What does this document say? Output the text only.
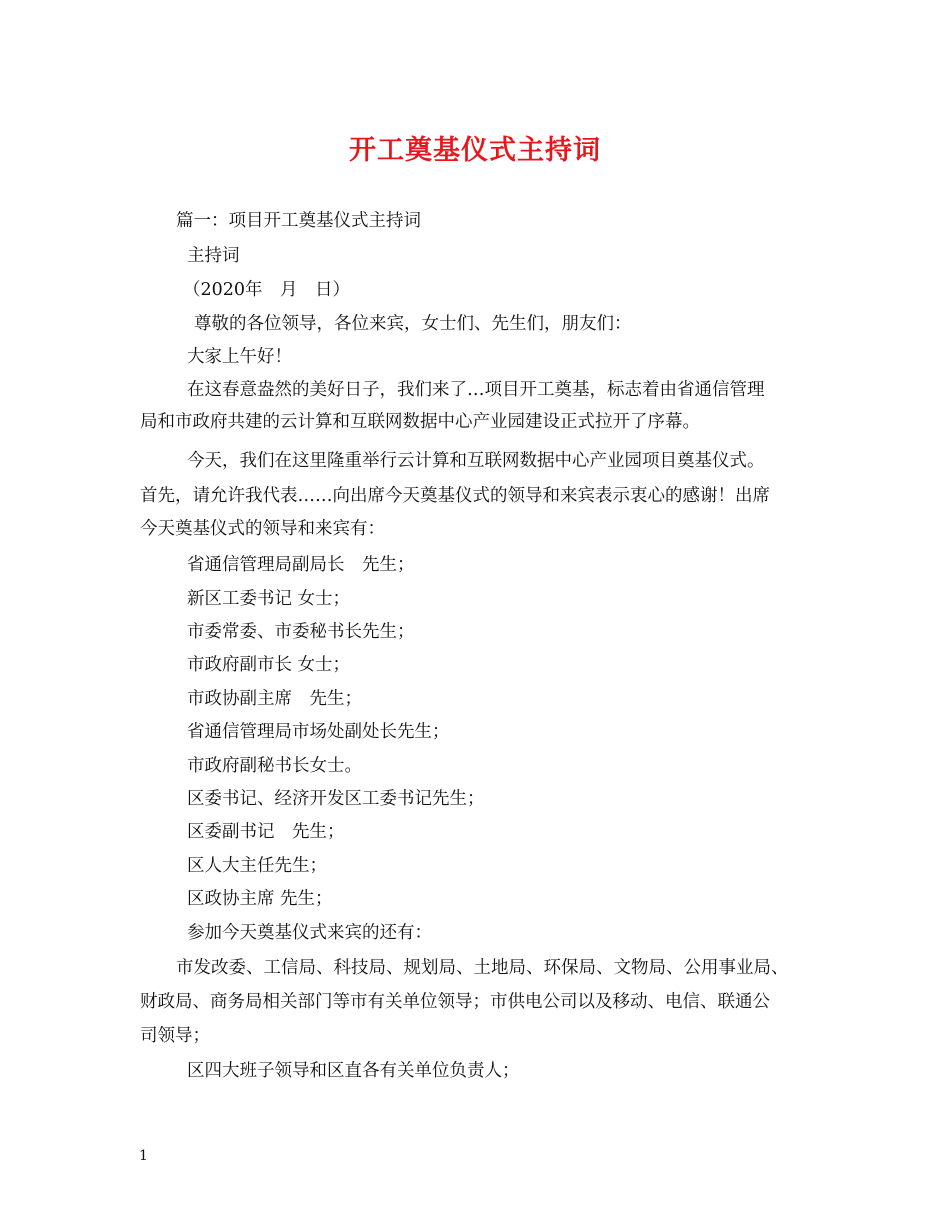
开工奠基仪式主持词
篇一：项目开工奠基仪式主持词
主持词
（2020年　月　日）
尊敬的各位领导，各位来宾，女士们、先生们，朋友们：
大家上午好！
在这春意盎然的美好日子，我们来了…项目开工奠基，标志着由省通信管理
局和市政府共建的云计算和互联网数据中心产业园建设正式拉开了序幕。
今天，我们在这里隆重举行云计算和互联网数据中心产业园项目奠基仪式。
首先，请允许我代表……向出席今天奠基仪式的领导和来宾表示衷心的感谢！出席
今天奠基仪式的领导和来宾有：
省通信管理局副局长　先生；
新区工委书记 女士；
市委常委、市委秘书长先生；
市政府副市长 女士；
市政协副主席　先生；
省通信管理局市场处副处长先生；
市政府副秘书长女士。
区委书记、经济开发区工委书记先生；
区委副书记　先生；
区人大主任先生；
区政协主席 先生；
参加今天奠基仪式来宾的还有：
市发改委、工信局、科技局、规划局、土地局、环保局、文物局、公用事业局、
财政局、商务局相关部门等市有关单位领导；市供电公司以及移动、电信、联通公
司领导；
区四大班子领导和区直各有关单位负责人；
1
